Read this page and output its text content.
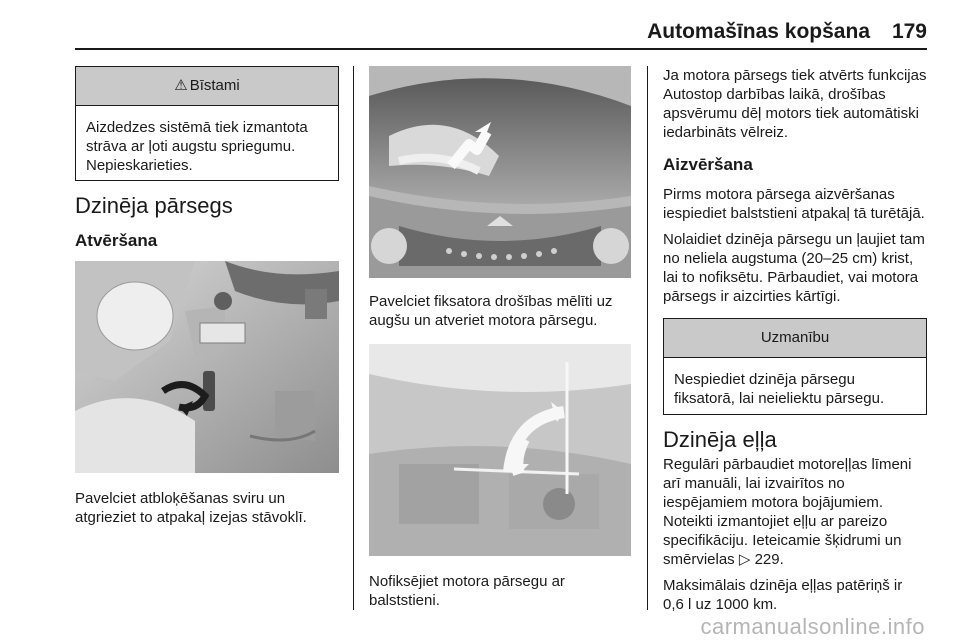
Automašīnas kopšana 179
⚠ Bīstami
Aizdedzes sistēmā tiek izmantota strāva ar ļoti augstu spriegumu. Nepieskarieties.
Dzinēja pārsegs
Atvēršana

Pavelciet atbloķēšanas sviru un atgrieziet to atpakaļ izejas stāvoklī.

Pavelciet fiksatora drošības mēlīti uz augšu un atveriet motora pārsegu.

Nofiksējiet motora pārsegu ar balststieni.

Ja motora pārsegs tiek atvērts funkcijas Autostop darbības laikā, drošības apsvērumu dēļ motors tiek automātiski iedarbināts vēlreiz.

Aizvēršana

Pirms motora pārsega aizvēršanas iespiediet balststieni atpakaļ tā turētājā.

Nolaidiet dzinēja pārsegu un ļaujiet tam no neliela augstuma (20–25 cm) krist, lai to nofiksētu. Pārbaudiet, vai motora pārsegs ir aizcirties kārtīgi.

Uzmanību
Nespiediet dzinēja pārsegu fiksatorā, lai neieliektu pārsegu.
Dzinēja eļļa

Regulāri pārbaudiet motoreļļas līmeni arī manuāli, lai izvairītos no iespējamiem motora bojājumiem. Noteikti izmantojiet eļļu ar pareizo specifikāciju. Ieteicamie šķidrumi un smērvielas ▷ 229.

Maksimālais dzinēja eļļas patēriņš ir 0,6 l uz 1000 km.

carmanualsonline.info
